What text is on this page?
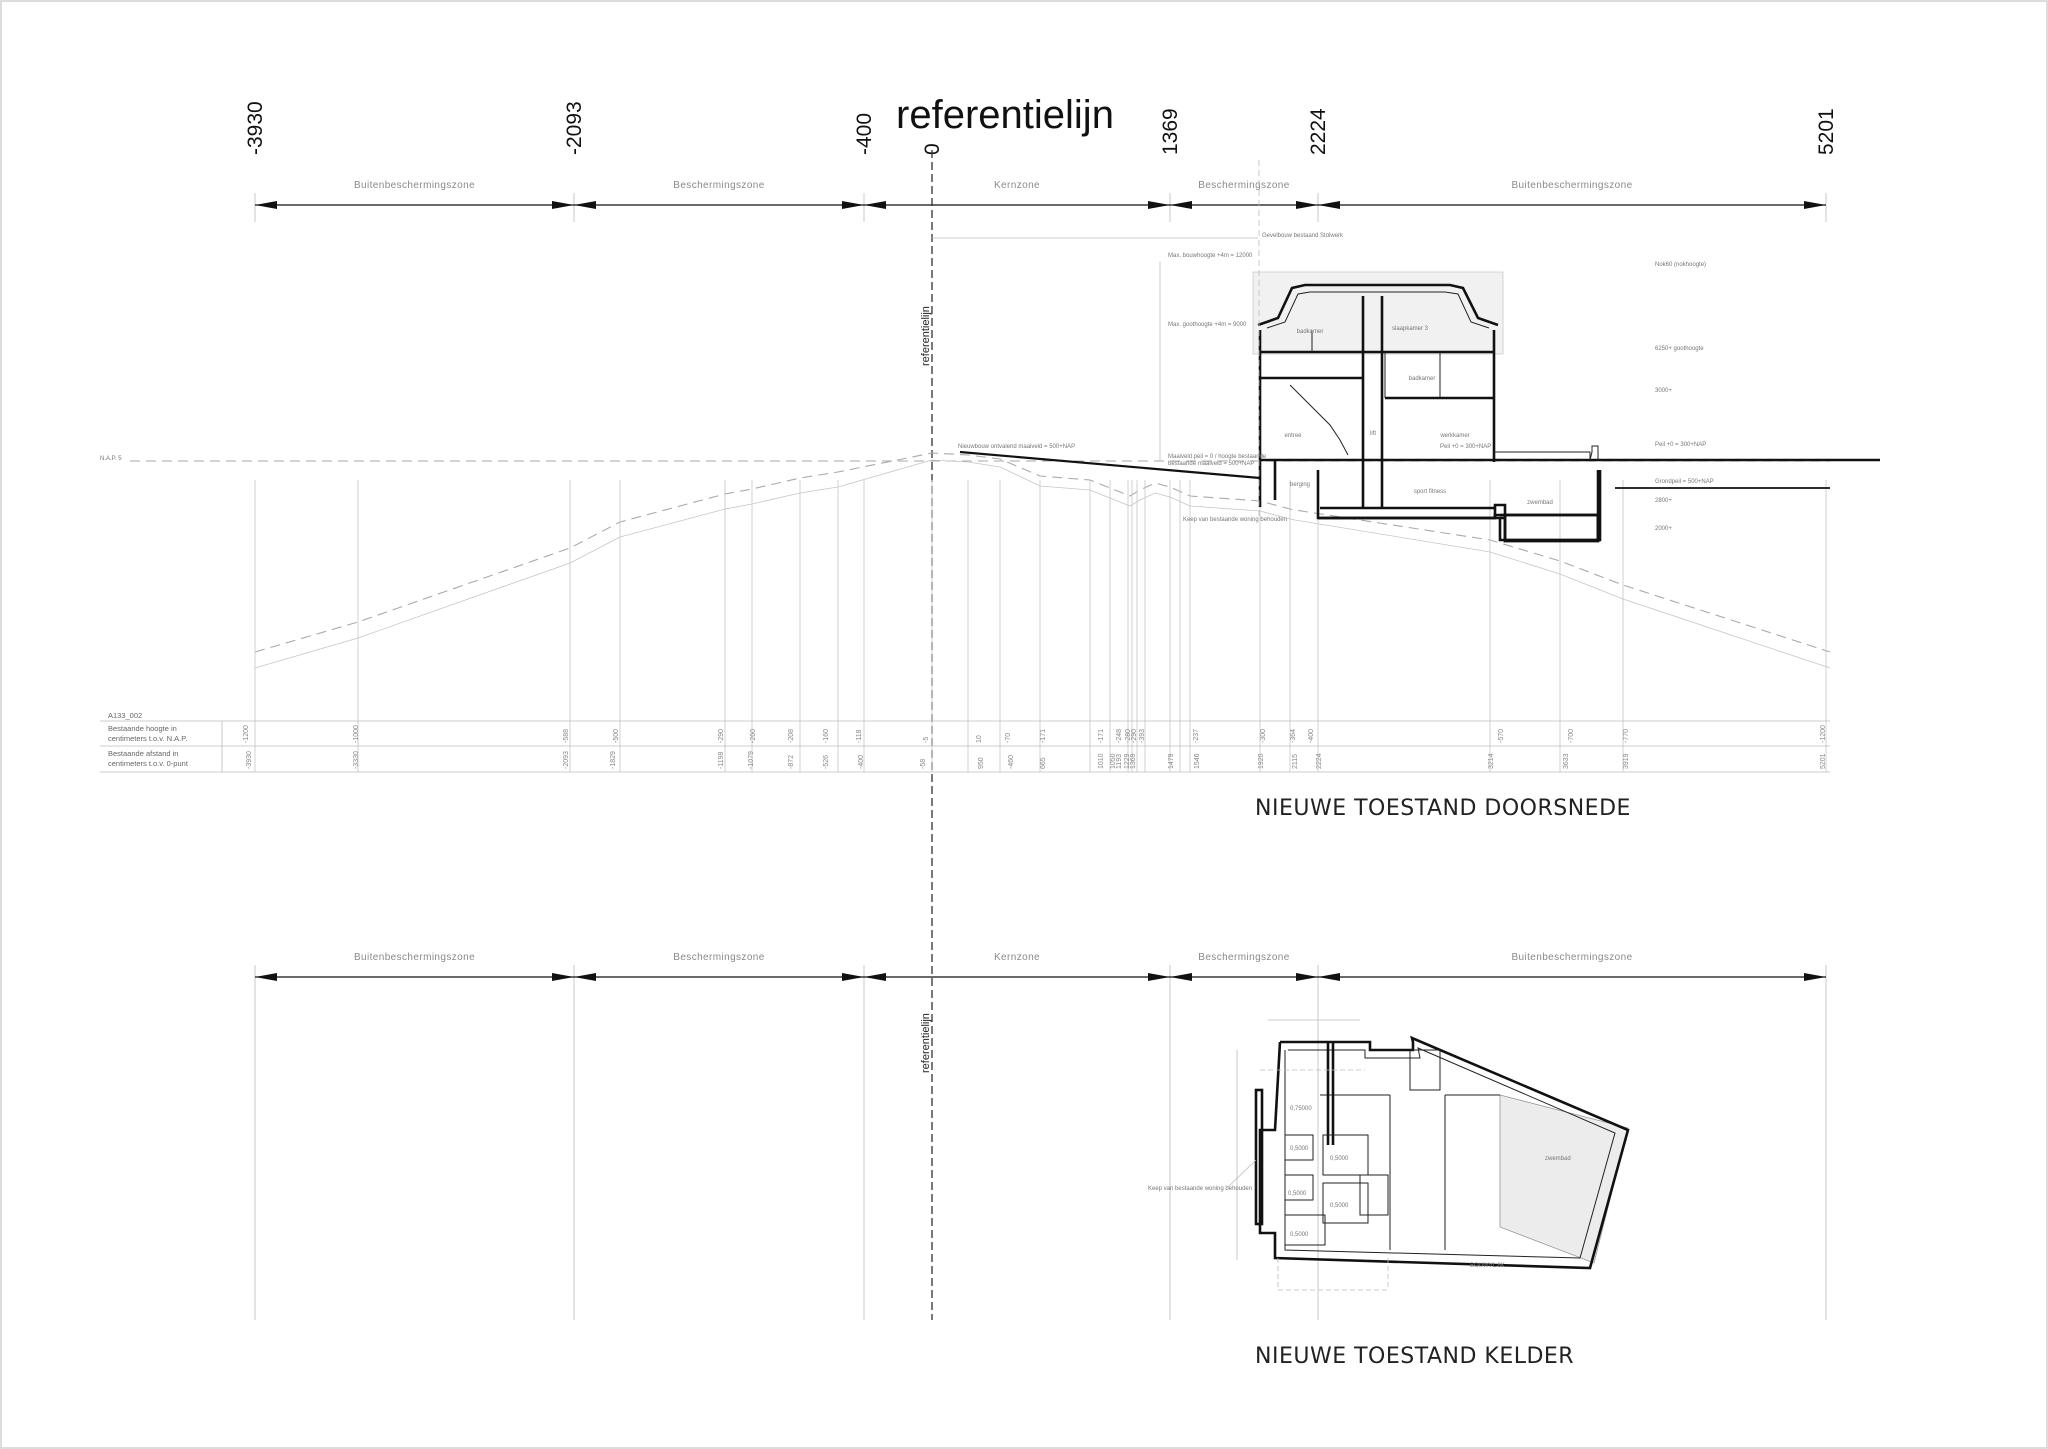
referentielijn
-3930	-2093	-400 0	1369	2224	5201
Buitenbeschermingszone	Beschermingszone	Kernzone	Beschermingszone	Buitenbeschermingszone
Buitenbeschermingszone	Beschermingszone	Kernzone	Beschermingszone	Buitenbeschermingszone
referentielijn
referentielijn
N.A.P. 5
A133_002
Bestaande hoogte in
centimeters t.o.v. N.A.P.
Bestaande afstand in
centimeters t.o.v. 0-punt
-1200	-1000	-588	-500	-290	-260	-208	-160	-118	-5	10	-70	-171	-171 -248 -280 -290 -393	-237	-300	-364 -400	-570	-700	-770	-1200
-3930	-3330	-2093	-1829	-1198	-1079	-872	-526	-400	-58	950	-460	665	1010 1050 1193 1229 1369	1479	1546	1920	2115 2224	3214	3633	3919	5201
badkamer	slaapkamer 3
badkamer
entree	lift	werkkamer
berging
sport fitness
zwembad
Nieuwbouw ontvalend maaiveld = 500+NAP
Max. bouwhoogte +4m = 12000
Max. goothoogte +4m = 9000
Maaiveld peil = 0 / hoogte bestaande
bestaande maaiveld = 500+NAP
Peil +0 = 300+NAP
Grondpeil = 500+NAP
Gevelbouw bestaand Stolwerk
Keep van bestaande woning behouden
Nok60 (nokhoogte)
6250+ goothoogte
3000+
Peil +0 = 300+NAP
2800+
2000+
NIEUWE TOESTAND DOORSNEDE
0,75000
0,5000
0,5000
0,5000
0,5000
0,5000
zwembad
BOUWVL 6K
Keep van bestaande woning behouden
NIEUWE TOESTAND KELDER
